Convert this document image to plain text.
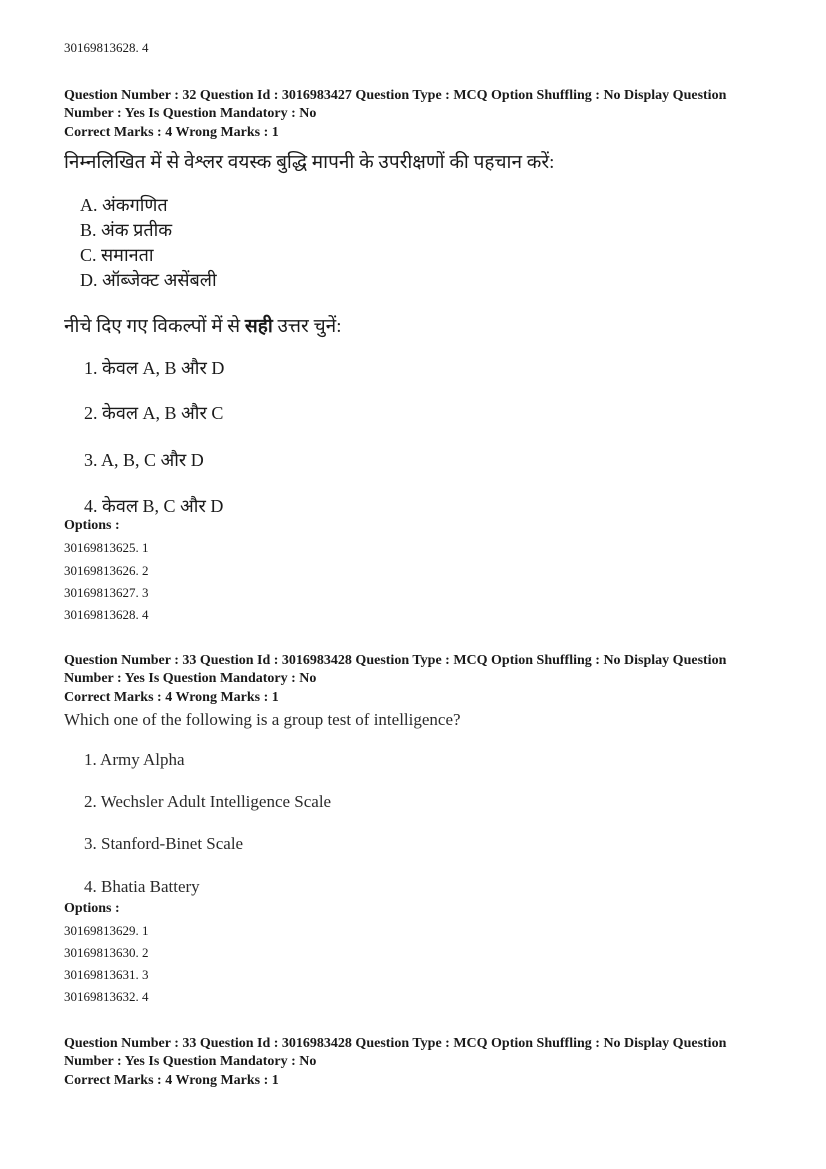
30169813628. 4
Question Number : 32 Question Id : 3016983427 Question Type : MCQ Option Shuffling : No Display Question
Number : Yes Is Question Mandatory : No
Correct Marks : 4 Wrong Marks : 1
निम्नलिखित में से वेश्लर वयस्क बुद्धि मापनी के उपरीक्षणों की पहचान करें:
A. अंकगणित
B. अंक प्रतीक
C. समानता
D. ऑब्जेक्ट असेंबली
नीचे दिए गए विकल्पों में से सही उत्तर चुनें:
1. केवल A, B और D
2. केवल A, B और C
3. A, B, C और D
4. केवल B, C और D
Options :
30169813625. 1
30169813626. 2
30169813627. 3
30169813628. 4
Question Number : 33 Question Id : 3016983428 Question Type : MCQ Option Shuffling : No Display Question
Number : Yes Is Question Mandatory : No
Correct Marks : 4 Wrong Marks : 1
Which one of the following is a group test of intelligence?
1. Army Alpha
2. Wechsler Adult Intelligence Scale
3. Stanford-Binet Scale
4. Bhatia Battery
Options :
30169813629. 1
30169813630. 2
30169813631. 3
30169813632. 4
Question Number : 33 Question Id : 3016983428 Question Type : MCQ Option Shuffling : No Display Question
Number : Yes Is Question Mandatory : No
Correct Marks : 4 Wrong Marks : 1
